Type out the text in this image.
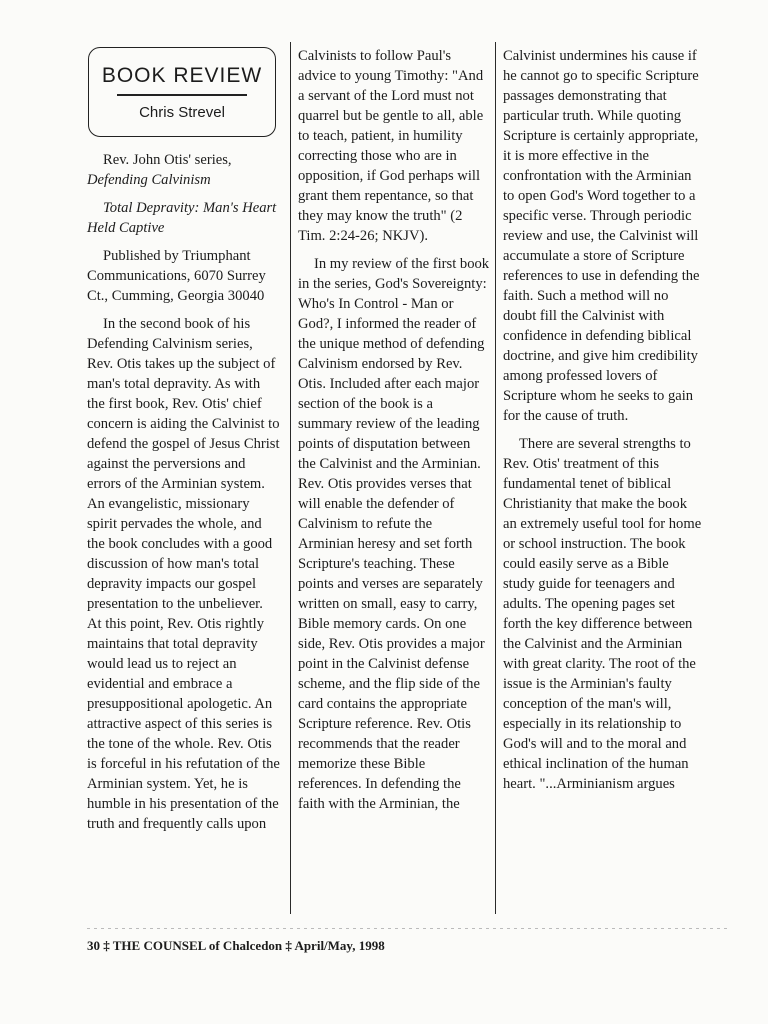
BOOK REVIEW
Chris Strevel

Rev. John Otis' series,

Defending Calvinism

Total Depravity: Man's Heart Held Captive

Published by Triumphant Communications, 6070 Surrey Ct., Cumming, Georgia 30040

In the second book of his Defending Calvinism series, Rev. Otis takes up the subject of man's total depravity. As with the first book, Rev. Otis' chief concern is aiding the Calvinist to defend the gospel of Jesus Christ against the perversions and errors of the Arminian system. An evangelistic, missionary spirit pervades the whole, and the book concludes with a good discussion of how man's total depravity impacts our gospel presentation to the unbeliever. At this point, Rev. Otis rightly maintains that total depravity would lead us to reject an evidential and embrace a presuppositional apologetic. An attractive aspect of this series is the tone of the whole. Rev. Otis is forceful in his refutation of the Arminian system. Yet, he is humble in his presentation of the truth and frequently calls upon

Calvinists to follow Paul's advice to young Timothy: "And a servant of the Lord must not quarrel but be gentle to all, able to teach, patient, in humility correcting those who are in opposition, if God perhaps will grant them repentance, so that they may know the truth" (2 Tim. 2:24-26; NKJV).

In my review of the first book in the series, God's Sovereignty: Who's In Control - Man or God?, I informed the reader of the unique method of defending Calvinism endorsed by Rev. Otis. Included after each major section of the book is a summary review of the leading points of disputation between the Calvinist and the Arminian. Rev. Otis provides verses that will enable the defender of Calvinism to refute the Arminian heresy and set forth Scripture's teaching. These points and verses are separately written on small, easy to carry, Bible memory cards. On one side, Rev. Otis provides a major point in the Calvinist defense scheme, and the flip side of the card contains the appropriate Scripture reference. Rev. Otis recommends that the reader memorize these Bible references. In defending the faith with the Arminian, the

Calvinist undermines his cause if he cannot go to specific Scripture passages demonstrating that particular truth. While quoting Scripture is certainly appropriate, it is more effective in the confrontation with the Arminian to open God's Word together to a specific verse. Through periodic review and use, the Calvinist will accumulate a store of Scripture references to use in defending the faith. Such a method will no doubt fill the Calvinist with confidence in defending biblical doctrine, and give him credibility among professed lovers of Scripture whom he seeks to gain for the cause of truth.

There are several strengths to Rev. Otis' treatment of this fundamental tenet of biblical Christianity that make the book an extremely useful tool for home or school instruction. The book could easily serve as a Bible study guide for teenagers and adults. The opening pages set forth the key difference between the Calvinist and the Arminian with great clarity. The root of the issue is the Arminian's faulty conception of the man's will, especially in its relationship to God's will and to the moral and ethical inclination of the human heart. "...Arminianism argues

30 ‡ THE COUNSEL of Chalcedon ‡ April/May, 1998
